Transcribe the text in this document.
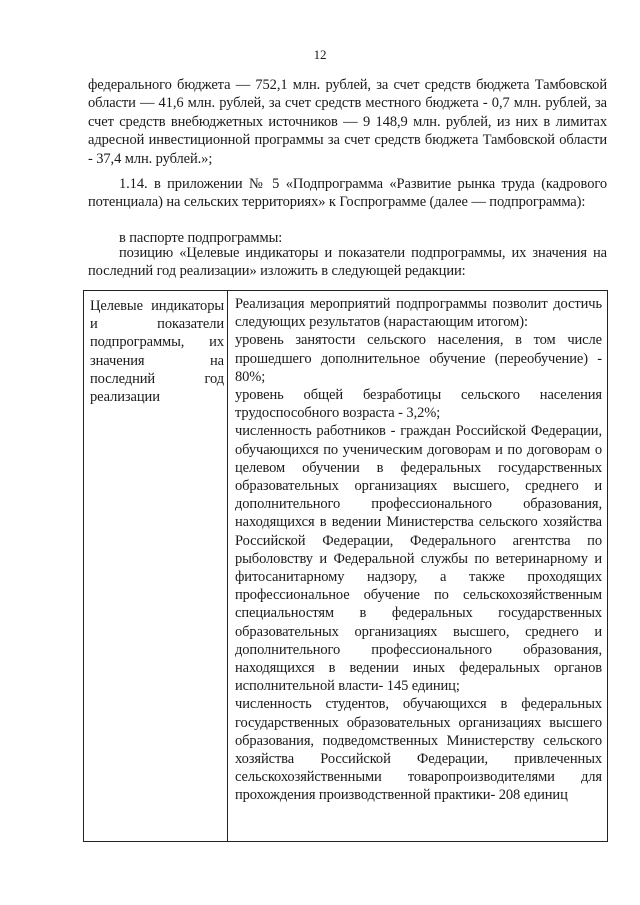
12
федерального бюджета — 752,1 млн. рублей, за счет средств бюджета Тамбовской области — 41,6 млн. рублей, за счет средств местного бюджета - 0,7 млн. рублей, за счет средств внебюджетных источников — 9 148,9 млн. рублей, из них в лимитах адресной инвестиционной программы за счет средств бюджета Тамбовской области - 37,4 млн. рублей.»;
1.14. в приложении № 5 «Подпрограмма «Развитие рынка труда (кадрового потенциала) на сельских территориях» к Госпрограмме (далее — подпрограмма):
в паспорте подпрограммы:
позицию «Целевые индикаторы и показатели подпрограммы, их значения на последний год реализации» изложить в следующей редакции:
Целевые индикаторы и показатели подпрограммы, их значения на последний год реализации

Реализация мероприятий подпрограммы позволит достичь следующих результатов (нарастающим итогом):

уровень занятости сельского населения, в том числе прошедшего дополнительное обучение (переобучение) - 80%;

уровень общей безработицы сельского населения трудоспособного возраста - 3,2%;

численность работников - граждан Российской Федерации, обучающихся по ученическим договорам и по договорам о целевом обучении в федеральных государственных образовательных организациях высшего, среднего и дополнительного профессионального образования, находящихся в ведении Министерства сельского хозяйства Российской Федерации, Федерального агентства по рыболовству и Федеральной службы по ветеринарному и фитосанитарному надзору, а также проходящих профессиональное обучение по сельскохозяйственным специальностям в федеральных государственных образовательных организациях высшего, среднего и дополнительного профессионального образования, находящихся в ведении иных федеральных органов исполнительной власти- 145 единиц;

численность студентов, обучающихся в федеральных государственных образовательных организациях высшего образования, подведомственных Министерству сельского хозяйства Российской Федерации, привлеченных сельскохозяйственными товаропроизводителями для прохождения производственной практики- 208 единиц
